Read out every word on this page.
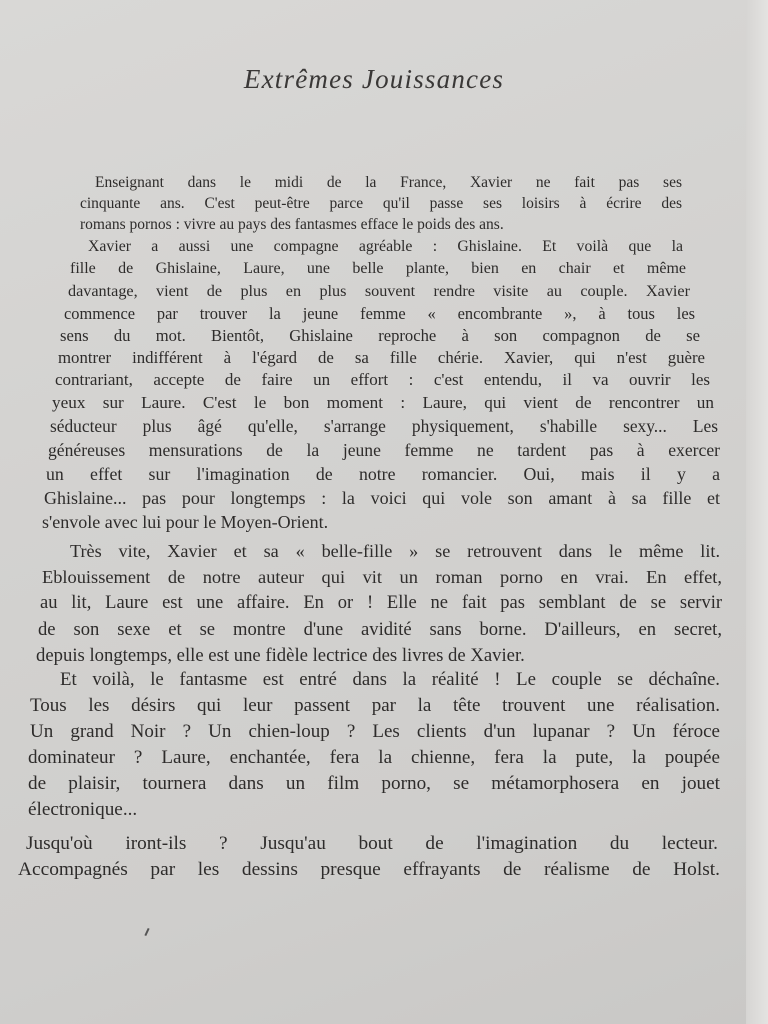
Extrêmes Jouissances
Enseignant dans le midi de la France, Xavier ne fait pas ses
cinquante ans. C'est peut-être parce qu'il passe ses loisirs à écrire des
romans pornos : vivre au pays des fantasmes efface le poids des ans.
Xavier a aussi une compagne agréable : Ghislaine. Et voilà que la
fille de Ghislaine, Laure, une belle plante, bien en chair et même
davantage, vient de plus en plus souvent rendre visite au couple. Xavier
commence par trouver la jeune femme « encombrante », à tous les
sens du mot. Bientôt, Ghislaine reproche à son compagnon de se
montrer indifférent à l'égard de sa fille chérie. Xavier, qui n'est guère
contrariant, accepte de faire un effort : c'est entendu, il va ouvrir les
yeux sur Laure. C'est le bon moment : Laure, qui vient de rencontrer un
séducteur plus âgé qu'elle, s'arrange physiquement, s'habille sexy... Les
généreuses mensurations de la jeune femme ne tardent pas à exercer
un effet sur l'imagination de notre romancier. Oui, mais il y a
Ghislaine... pas pour longtemps : la voici qui vole son amant à sa fille et
s'envole avec lui pour le Moyen-Orient.
Très vite, Xavier et sa « belle-fille » se retrouvent dans le même lit.
Eblouissement de notre auteur qui vit un roman porno en vrai. En effet,
au lit, Laure est une affaire. En or ! Elle ne fait pas semblant de se servir
de son sexe et se montre d'une avidité sans borne. D'ailleurs, en secret,
depuis longtemps, elle est une fidèle lectrice des livres de Xavier.
Et voilà, le fantasme est entré dans la réalité ! Le couple se déchaîne.
Tous les désirs qui leur passent par la tête trouvent une réalisation.
Un grand Noir ? Un chien-loup ? Les clients d'un lupanar ? Un féroce
dominateur ? Laure, enchantée, fera la chienne, fera la pute, la poupée
de plaisir, tournera dans un film porno, se métamorphosera en jouet
électronique...
Jusqu'où iront-ils ? Jusqu'au bout de l'imagination du lecteur.
Accompagnés par les dessins presque effrayants de réalisme de Holst.
